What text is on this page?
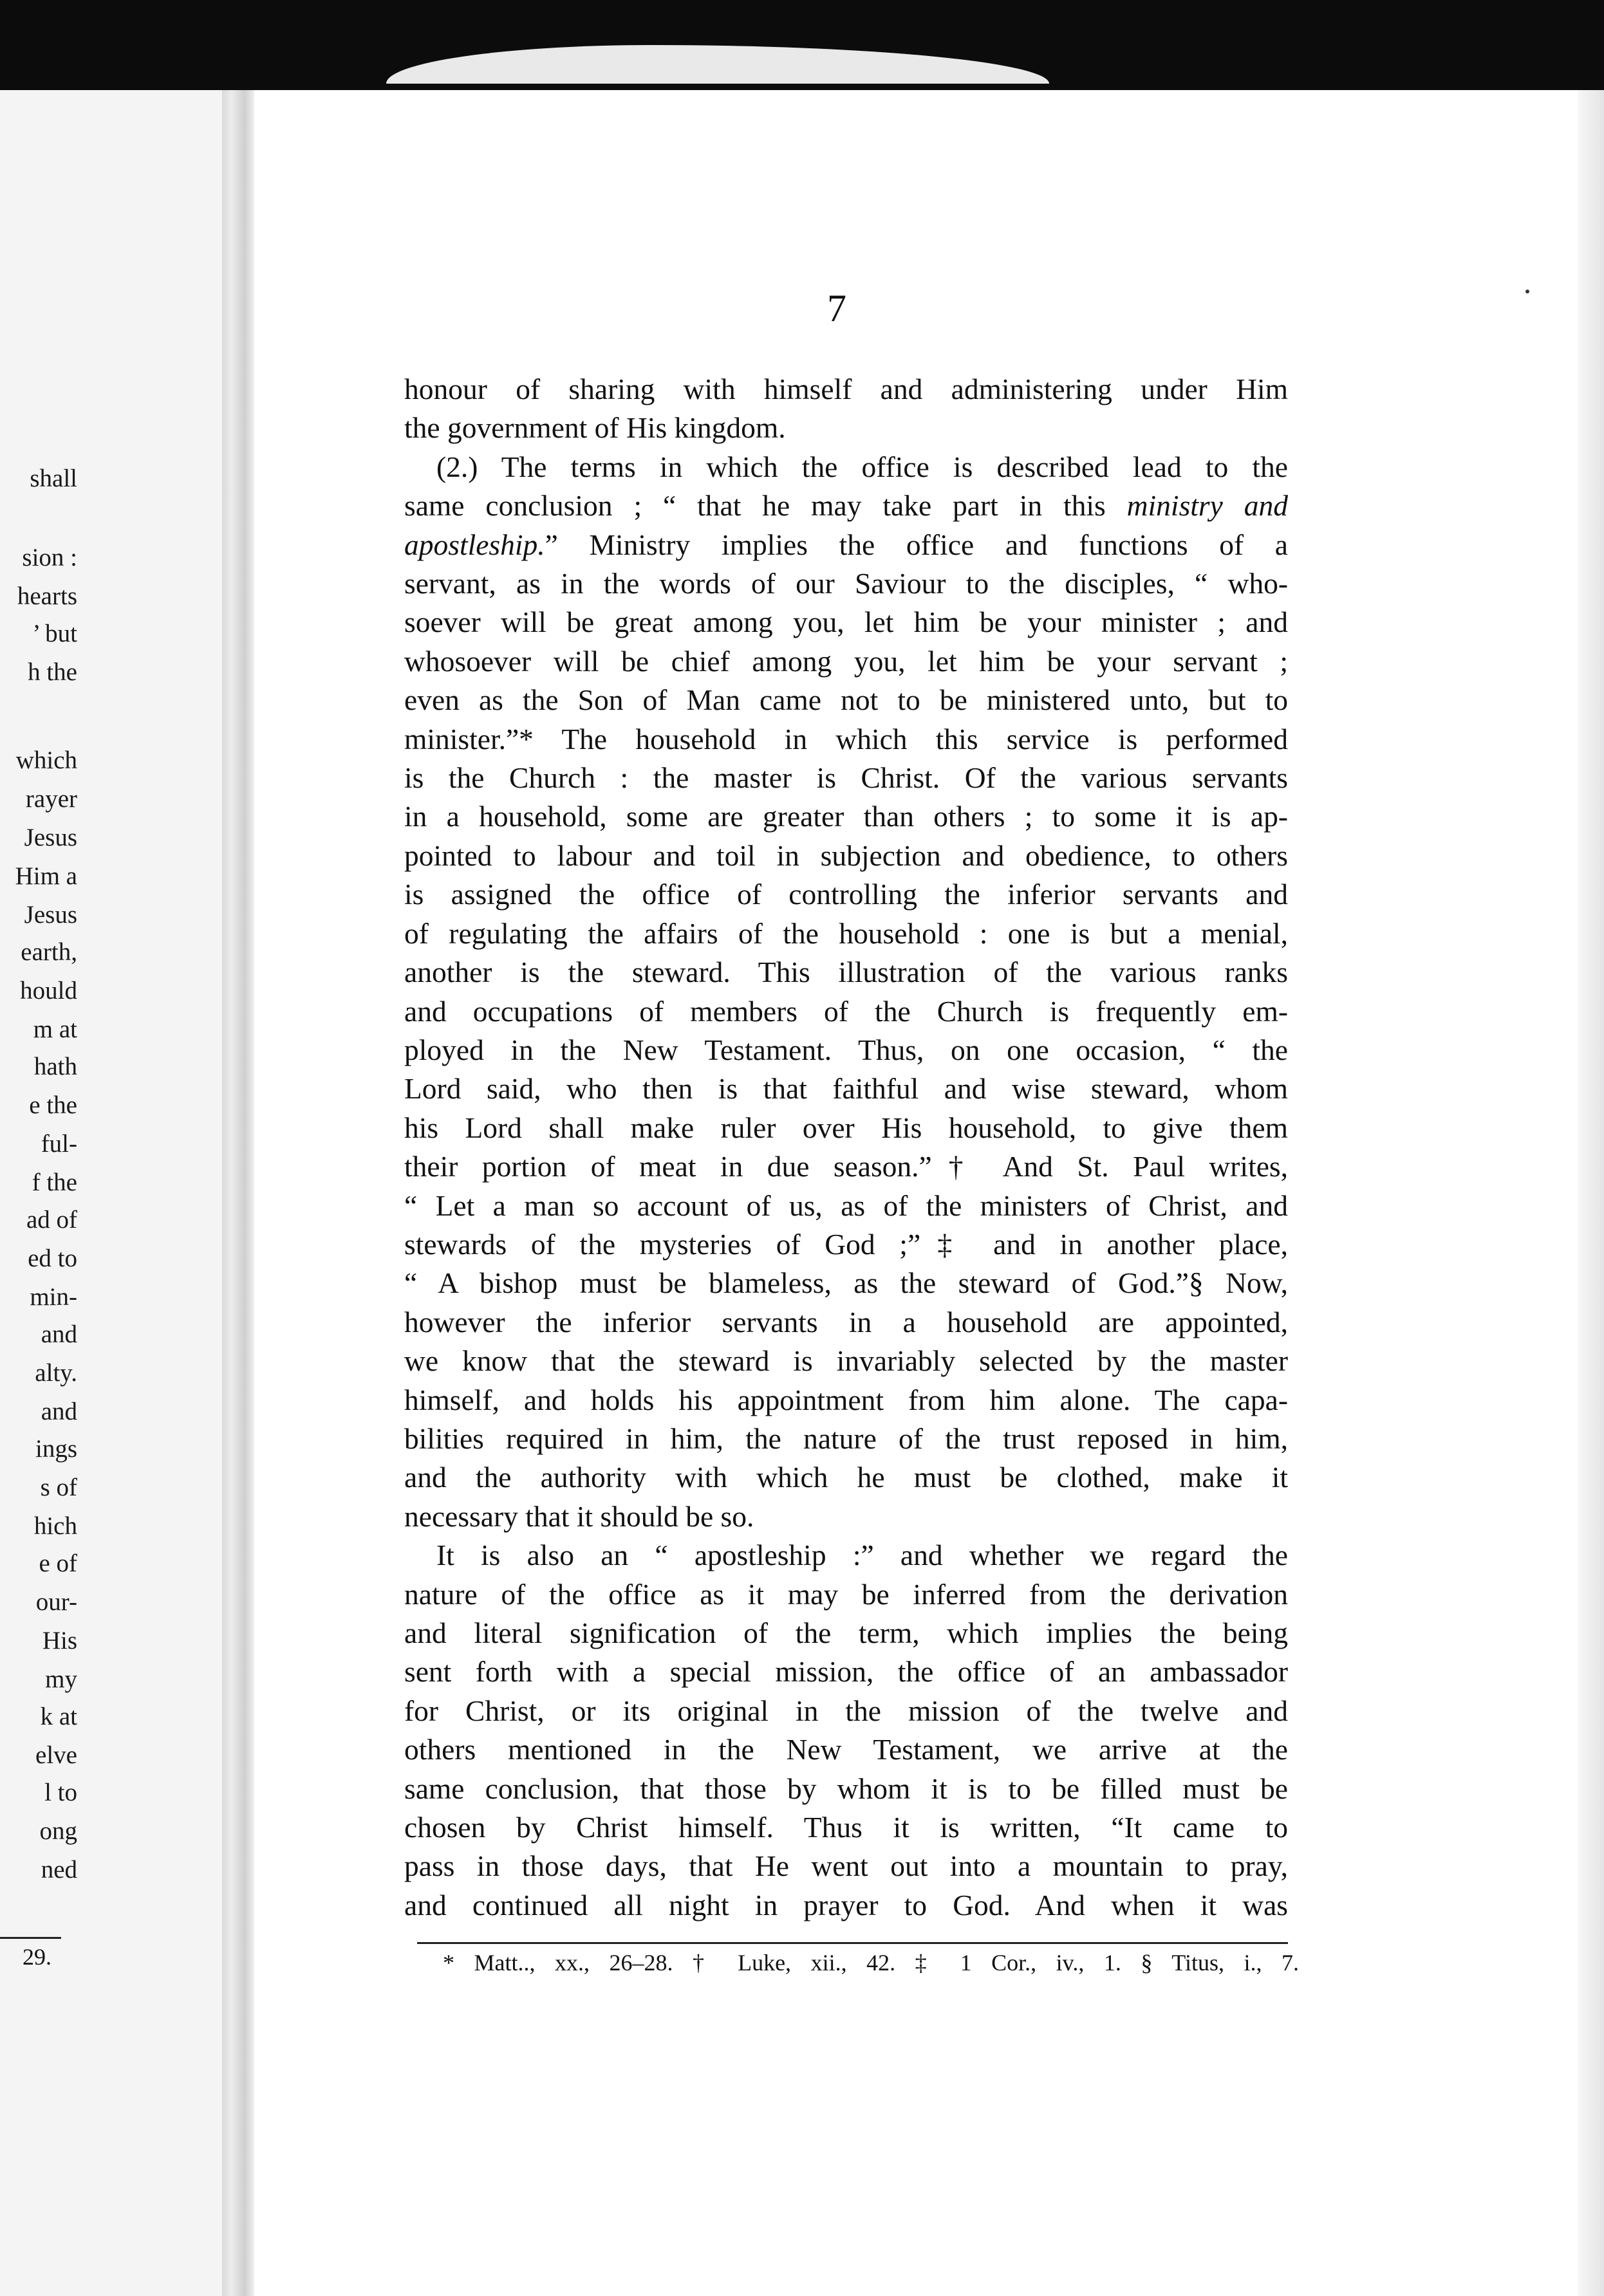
shall
sion :
hearts
’ but
h the
which
rayer
Jesus
Him a
Jesus
earth,
hould
m at
hath
e the
ful-
f the
ad of
ed to
min-
and
alty.
and
ings
s of
hich
e of
our-
His
my
k at
elve
l to
ong
ned
29.
7
honour of sharing with himself and administering under Him
the government of His kingdom.
(2.) The terms in which the office is described lead to the
same conclusion ; “ that he may take part in this ministry and
apostleship.” Ministry implies the office and functions of a
servant, as in the words of our Saviour to the disciples, “ who-
soever will be great among you, let him be your minister ; and
whosoever will be chief among you, let him be your servant ;
even as the Son of Man came not to be ministered unto, but to
minister.”* The household in which this service is performed
is the Church : the master is Christ. Of the various servants
in a household, some are greater than others ; to some it is ap-
pointed to labour and toil in subjection and obedience, to others
is assigned the office of controlling the inferior servants and
of regulating the affairs of the household : one is but a menial,
another is the steward. This illustration of the various ranks
and occupations of members of the Church is frequently em-
ployed in the New Testament. Thus, on one occasion, “ the
Lord said, who then is that faithful and wise steward, whom
his Lord shall make ruler over His household, to give them
their portion of meat in due season.”† And St. Paul writes,
“ Let a man so account of us, as of the ministers of Christ, and
stewards of the mysteries of God ;”‡ and in another place,
“ A bishop must be blameless, as the steward of God.”§ Now,
however the inferior servants in a household are appointed,
we know that the steward is invariably selected by the master
himself, and holds his appointment from him alone. The capa-
bilities required in him, the nature of the trust reposed in him,
and the authority with which he must be clothed, make it
necessary that it should be so.
It is also an “ apostleship :” and whether we regard the
nature of the office as it may be inferred from the derivation
and literal signification of the term, which implies the being
sent forth with a special mission, the office of an ambassador
for Christ, or its original in the mission of the twelve and
others mentioned in the New Testament, we arrive at the
same conclusion, that those by whom it is to be filled must be
chosen by Christ himself. Thus it is written, “It came to
pass in those days, that He went out into a mountain to pray,
and continued all night in prayer to God. And when it was
* Matt.., xx., 26–28. † Luke, xii., 42. ‡ 1 Cor., iv., 1. § Titus, i., 7.
